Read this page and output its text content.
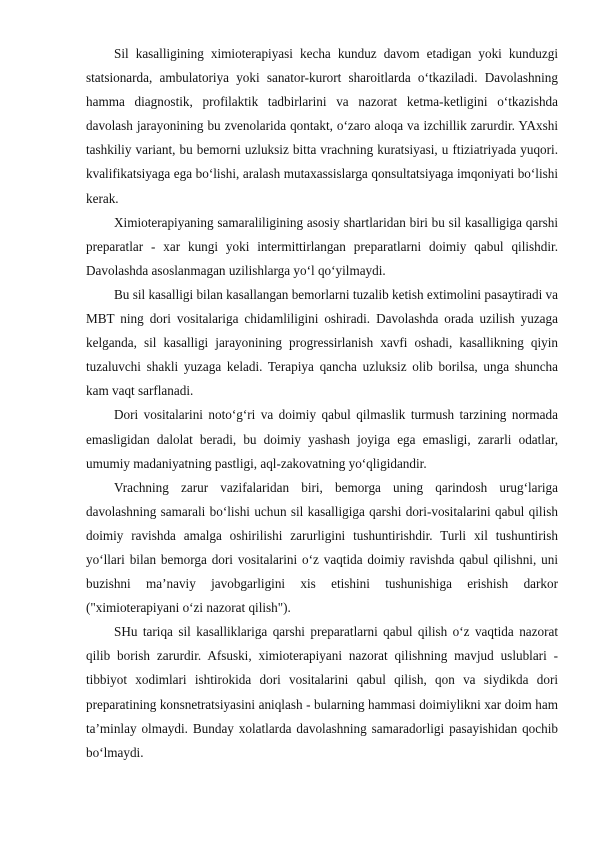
Sil kasalligining ximioterapiyasi kecha kunduz davom etadigan yoki kunduzgi statsionarda, ambulatoriya yoki sanator-kurort sharoitlarda o‘tkaziladi. Davolashning hamma diagnostik, profilaktik tadbirlarini va nazorat ketma-ketligini o‘tkazishda davolash jarayonining bu zvenolarida qontakt, o‘zaro aloqa va izchillik zarurdir. YAxshi tashkiliy variant, bu bemorni uzluksiz bitta vrachning kuratsiyasi, u ftiziatriyada yuqori. kvalifikatsiyaga ega bo‘lishi, aralash mutaxassislarga qonsultatsiyaga imqoniyati bo‘lishi kerak.

Ximioterapiyaning samaraliligining asosiy shartlaridan biri bu sil kasalligiga qarshi preparatlar - xar kungi yoki intermittirlangan preparatlarni doimiy qabul qilishdir. Davolashda asoslanmagan uzilishlarga yo‘l qo‘yilmaydi.

Bu sil kasalligi bilan kasallangan bemorlarni tuzalib ketish extimolini pasaytiradi va MBT ning dori vositalariga chidamliligini oshiradi. Davolashda orada uzilish yuzaga kelganda, sil kasalligi jarayonining progressirlanish xavfi oshadi, kasallikning qiyin tuzaluvchi shakli yuzaga keladi. Terapiya qancha uzluksiz olib borilsa, unga shuncha kam vaqt sarflanadi.

Dori vositalarini noto‘g‘ri va doimiy qabul qilmaslik turmush tarzining normada emasligidan dalolat beradi, bu doimiy yashash joyiga ega emasligi, zararli odatlar, umumiy madaniyatning pastligi, aql-zakovatning yo‘qligidandir.

Vrachning zarur vazifalaridan biri, bemorga uning qarindosh urug‘lariga davolashning samarali bo‘lishi uchun sil kasalligiga qarshi dori-vositalarini qabul qilish doimiy ravishda amalga oshirilishi zarurligini tushuntirishdir. Turli xil tushuntirish yo‘llari bilan bemorga dori vositalarini o‘z vaqtida doimiy ravishda qabul qilishni, uni buzishni ma’naviy javobgarligini xis etishini tushunishiga erishish darkor ("ximioterapiyani o‘zi nazorat qilish").

SHu tariqa sil kasalliklariga qarshi preparatlarni qabul qilish o‘z vaqtida nazorat qilib borish zarurdir. Afsuski, ximioterapiyani nazorat qilishning mavjud uslublari - tibbiyot xodimlari ishtirokida dori vositalarini qabul qilish, qon va siydikda dori preparatining konsnetratsiyasini aniqlash - bularning hammasi doimiylikni xar doim ham ta’minlay olmaydi. Bunday xolatlarda davolashning samaradorligi pasayishidan qochib bo‘lmaydi.
